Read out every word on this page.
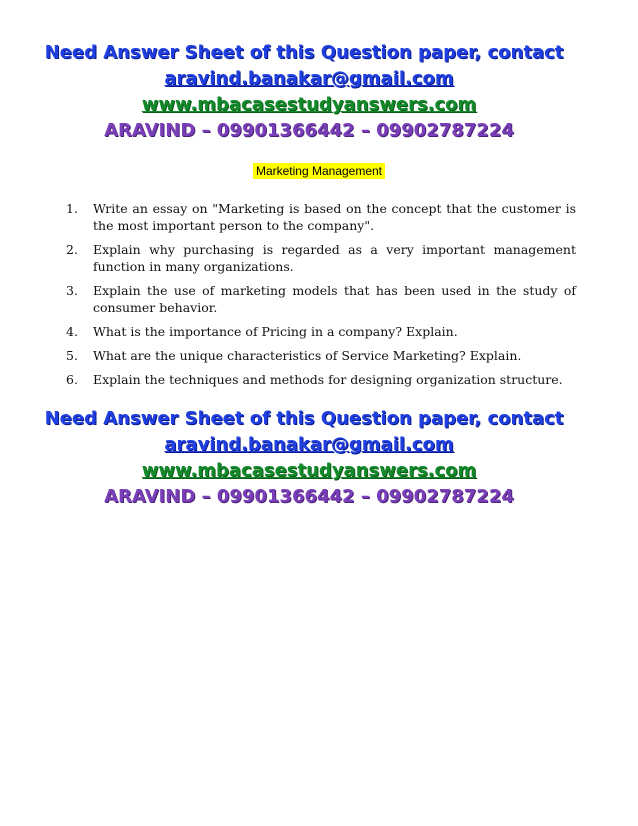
Need Answer Sheet of this Question paper, contact
aravind.banakar@gmail.com
www.mbacasestudyanswers.com
ARAVIND – 09901366442 – 09902787224
Marketing Management
1. Write an essay on "Marketing is based on the concept that the customer is the most important person to the company".
2. Explain why purchasing is regarded as a very important management function in many organizations.
3. Explain the use of marketing models that has been used in the study of consumer behavior.
4. What is the importance of Pricing in a company? Explain.
5. What are the unique characteristics of Service Marketing? Explain.
6. Explain the techniques and methods for designing organization structure.
Need Answer Sheet of this Question paper, contact
aravind.banakar@gmail.com
www.mbacasestudyanswers.com
ARAVIND – 09901366442 – 09902787224
